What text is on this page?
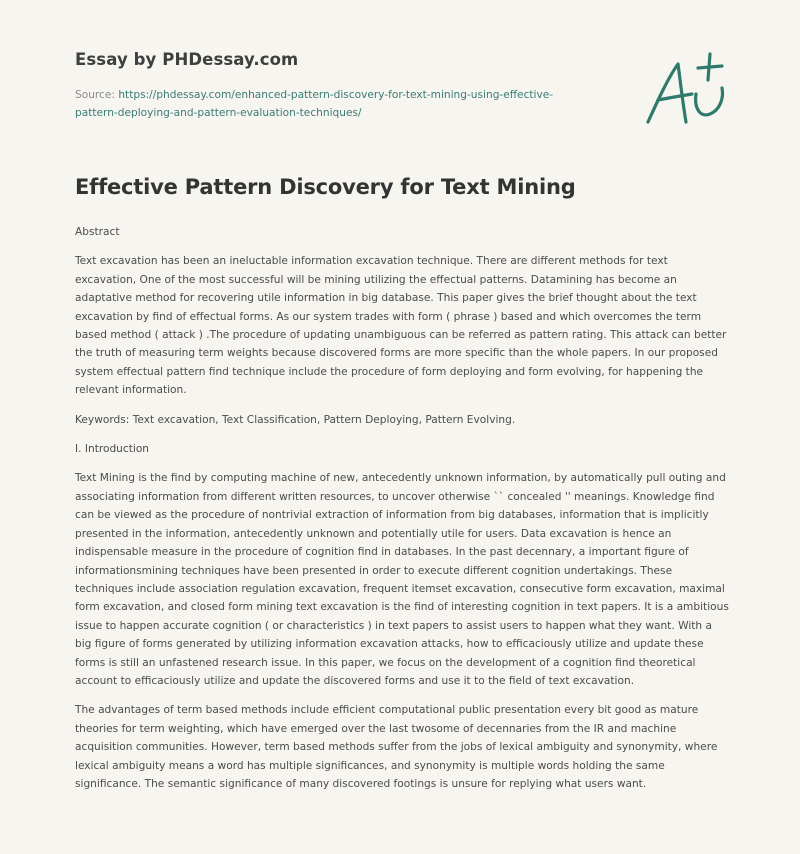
Essay by PHDessay.com
Source: https://phdessay.com/enhanced-pattern-discovery-for-text-mining-using-effective-pattern-deploying-and-pattern-evaluation-techniques/
Effective Pattern Discovery for Text Mining

Abstract

Text excavation has been an ineluctable information excavation technique. There are different methods for text excavation, One of the most successful will be mining utilizing the effectual patterns. Datamining has become an adaptative method for recovering utile information in big database. This paper gives the brief thought about the text excavation by find of effectual forms. As our system trades with form ( phrase ) based and which overcomes the term based method ( attack ) .The procedure of updating unambiguous can be referred as pattern rating. This attack can better the truth of measuring term weights because discovered forms are more specific than the whole papers. In our proposed system effectual pattern find technique include the procedure of form deploying and form evolving, for happening the relevant information.

Keywords: Text excavation, Text Classification, Pattern Deploying, Pattern Evolving.

I. Introduction

Text Mining is the find by computing machine of new, antecedently unknown information, by automatically pull outing and associating information from different written resources, to uncover otherwise `` concealed '' meanings. Knowledge find can be viewed as the procedure of nontrivial extraction of information from big databases, information that is implicitly presented in the information, antecedently unknown and potentially utile for users. Data excavation is hence an indispensable measure in the procedure of cognition find in databases. In the past decennary, a important figure of informationsmining techniques have been presented in order to execute different cognition undertakings. These techniques include association regulation excavation, frequent itemset excavation, consecutive form excavation, maximal form excavation, and closed form mining text excavation is the find of interesting cognition in text papers. It is a ambitious issue to happen accurate cognition ( or characteristics ) in text papers to assist users to happen what they want. With a big figure of forms generated by utilizing information excavation attacks, how to efficaciously utilize and update these forms is still an unfastened research issue. In this paper, we focus on the development of a cognition find theoretical account to efficaciously utilize and update the discovered forms and use it to the field of text excavation.

The advantages of term based methods include efficient computational public presentation every bit good as mature theories for term weighting, which have emerged over the last twosome of decennaries from the IR and machine acquisition communities. However, term based methods suffer from the jobs of lexical ambiguity and synonymity, where lexical ambiguity means a word has multiple significances, and synonymity is multiple words holding the same significance. The semantic significance of many discovered footings is unsure for replying what users want.
